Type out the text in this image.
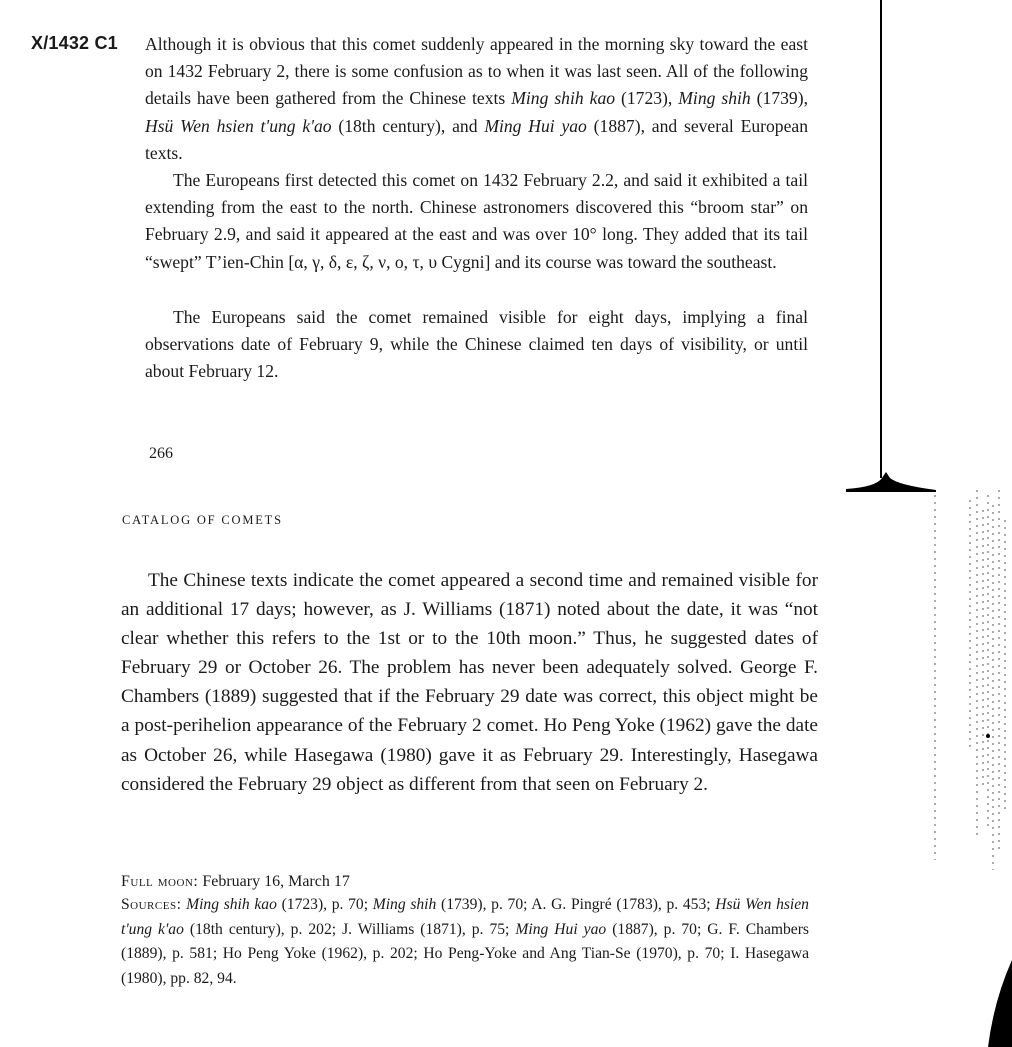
X/1432 C1 Although it is obvious that this comet suddenly appeared in the morning sky toward the east on 1432 February 2, there is some confusion as to when it was last seen. All of the following details have been gathered from the Chinese texts Ming shih kao (1723), Ming shih (1739), Hsü Wen hsien t'ung k'ao (18th century), and Ming Hui yao (1887), and several European texts.

The Europeans first detected this comet on 1432 February 2.2, and said it exhibited a tail extending from the east to the north. Chinese astronomers discovered this “broom star” on February 2.9, and said it appeared at the east and was over 10° long. They added that its tail “swept” T’ien-Chin [α, γ, δ, ε, ζ, ν, ο, τ, υ Cygni] and its course was toward the southeast.

The Europeans said the comet remained visible for eight days, implying a final observations date of February 9, while the Chinese claimed ten days of visibility, or until about February 12.

266
CATALOG OF COMETS

The Chinese texts indicate the comet appeared a second time and remained visible for an additional 17 days; however, as J. Williams (1871) noted about the date, it was “not clear whether this refers to the 1st or to the 10th moon.” Thus, he suggested dates of February 29 or October 26. The problem has never been adequately solved. George F. Chambers (1889) suggested that if the February 29 date was correct, this object might be a post-perihelion appearance of the February 2 comet. Ho Peng Yoke (1962) gave the date as October 26, while Hasegawa (1980) gave it as February 29. Interestingly, Hasegawa considered the February 29 object as different from that seen on February 2.

Full moon: February 16, March 17

Sources: Ming shih kao (1723), p. 70; Ming shih (1739), p. 70; A. G. Pingré (1783), p. 453; Hsü Wen hsien t'ung k'ao (18th century), p. 202; J. Williams (1871), p. 75; Ming Hui yao (1887), p. 70; G. F. Chambers (1889), p. 581; Ho Peng Yoke (1962), p. 202; Ho Peng-Yoke and Ang Tian-Se (1970), p. 70; I. Hasegawa (1980), pp. 82, 94.
